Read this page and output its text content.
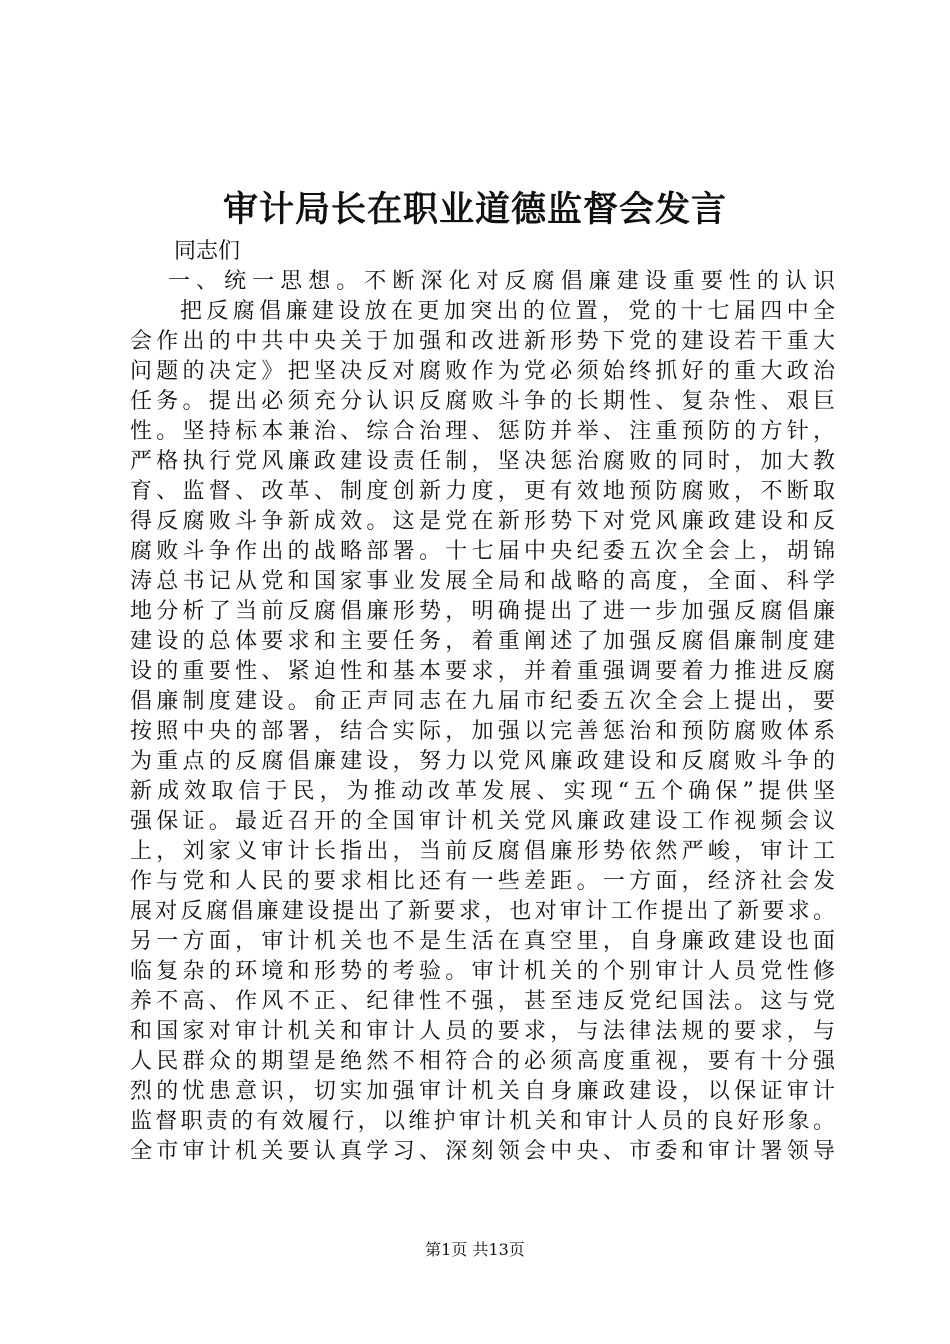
审计局长在职业道德监督会发言
同志们
一、统一思想。不断深化对反腐倡廉建设重要性的认识
把反腐倡廉建设放在更加突出的位置，党的十七届四中全
会作出的中共中央关于加强和改进新形势下党的建设若干重大
问题的决定》把坚决反对腐败作为党必须始终抓好的重大政治
任务。提出必须充分认识反腐败斗争的长期性、复杂性、艰巨
性。坚持标本兼治、综合治理、惩防并举、注重预防的方针，
严格执行党风廉政建设责任制，坚决惩治腐败的同时，加大教
育、监督、改革、制度创新力度，更有效地预防腐败，不断取
得反腐败斗争新成效。这是党在新形势下对党风廉政建设和反
腐败斗争作出的战略部署。十七届中央纪委五次全会上，胡锦
涛总书记从党和国家事业发展全局和战略的高度，全面、科学
地分析了当前反腐倡廉形势，明确提出了进一步加强反腐倡廉
建设的总体要求和主要任务，着重阐述了加强反腐倡廉制度建
设的重要性、紧迫性和基本要求，并着重强调要着力推进反腐
倡廉制度建设。俞正声同志在九届市纪委五次全会上提出，要
按照中央的部署，结合实际，加强以完善惩治和预防腐败体系
为重点的反腐倡廉建设，努力以党风廉政建设和反腐败斗争的
新成效取信于民，为推动改革发展、实现“五个确保”提供坚
强保证。最近召开的全国审计机关党风廉政建设工作视频会议
上，刘家义审计长指出，当前反腐倡廉形势依然严峻，审计工
作与党和人民的要求相比还有一些差距。一方面，经济社会发
展对反腐倡廉建设提出了新要求，也对审计工作提出了新要求。
另一方面，审计机关也不是生活在真空里，自身廉政建设也面
临复杂的环境和形势的考验。审计机关的个别审计人员党性修
养不高、作风不正、纪律性不强，甚至违反党纪国法。这与党
和国家对审计机关和审计人员的要求，与法律法规的要求，与
人民群众的期望是绝然不相符合的必须高度重视，要有十分强
烈的忧患意识，切实加强审计机关自身廉政建设，以保证审计
监督职责的有效履行，以维护审计机关和审计人员的良好形象。
全市审计机关要认真学习、深刻领会中央、市委和审计署领导
第1页 共13页
